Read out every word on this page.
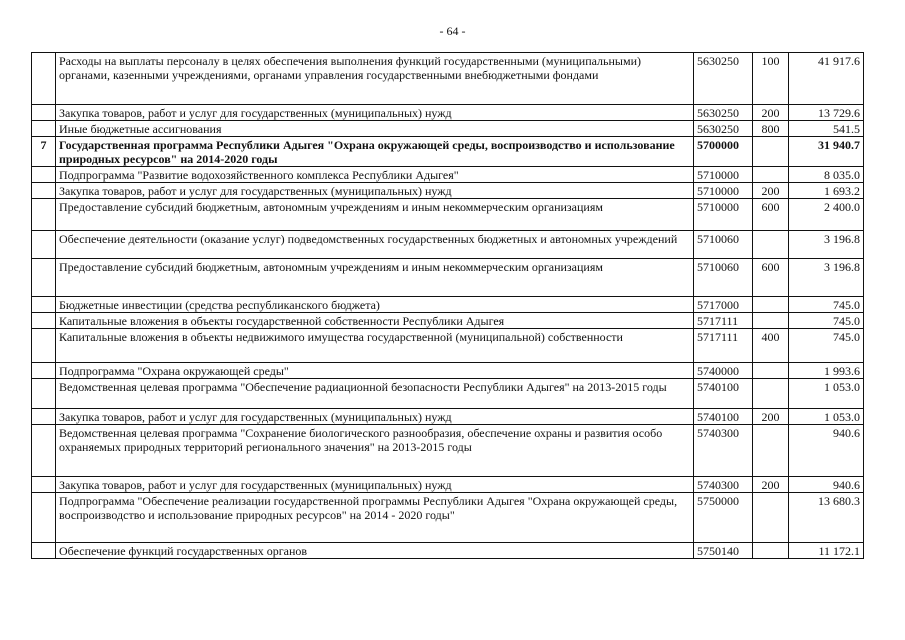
- 64 -
	Расходы на выплаты персоналу в целях обеспечения выполнения функций государственными (муниципальными) органами, казенными учреждениями, органами управления государственными внебюджетными фондами	5630250	100	41 917.6
	Закупка товаров, работ и услуг для государственных (муниципальных) нужд	5630250	200	13 729.6
	Иные бюджетные ассигнования	5630250	800	541.5
7	Государственная программа Республики Адыгея "Охрана окружающей среды, воспроизводство и использование природных ресурсов" на 2014-2020 годы	5700000		31 940.7
	Подпрограмма "Развитие водохозяйственного комплекса Республики Адыгея"	5710000		8 035.0
	Закупка товаров, работ и услуг для государственных (муниципальных) нужд	5710000	200	1 693.2
	Предоставление субсидий бюджетным, автономным учреждениям и иным некоммерческим организациям	5710000	600	2 400.0
	Обеспечение деятельности (оказание услуг) подведомственных государственных бюджетных и автономных учреждений	5710060		3 196.8
	Предоставление субсидий бюджетным, автономным учреждениям и иным некоммерческим организациям	5710060	600	3 196.8
	Бюджетные инвестиции (средства республиканского бюджета)	5717000		745.0
	Капитальные вложения в объекты государственной собственности Республики Адыгея	5717111		745.0
	Капитальные вложения в объекты недвижимого имущества государственной (муниципальной) собственности	5717111	400	745.0
	Подпрограмма "Охрана окружающей среды"	5740000		1 993.6
	Ведомственная целевая программа "Обеспечение радиационной безопасности Республики Адыгея" на 2013-2015 годы	5740100		1 053.0
	Закупка товаров, работ и услуг для государственных (муниципальных) нужд	5740100	200	1 053.0
	Ведомственная целевая программа "Сохранение биологического разнообразия, обеспечение охраны и развития особо охраняемых природных территорий регионального значения" на 2013-2015 годы	5740300		940.6
	Закупка товаров, работ и услуг для государственных (муниципальных) нужд	5740300	200	940.6
	Подпрограмма "Обеспечение реализации государственной программы Республики Адыгея "Охрана окружающей среды, воспроизводство и использование природных ресурсов" на 2014 - 2020 годы"	5750000		13 680.3
	Обеспечение функций государственных органов	5750140		11 172.1
